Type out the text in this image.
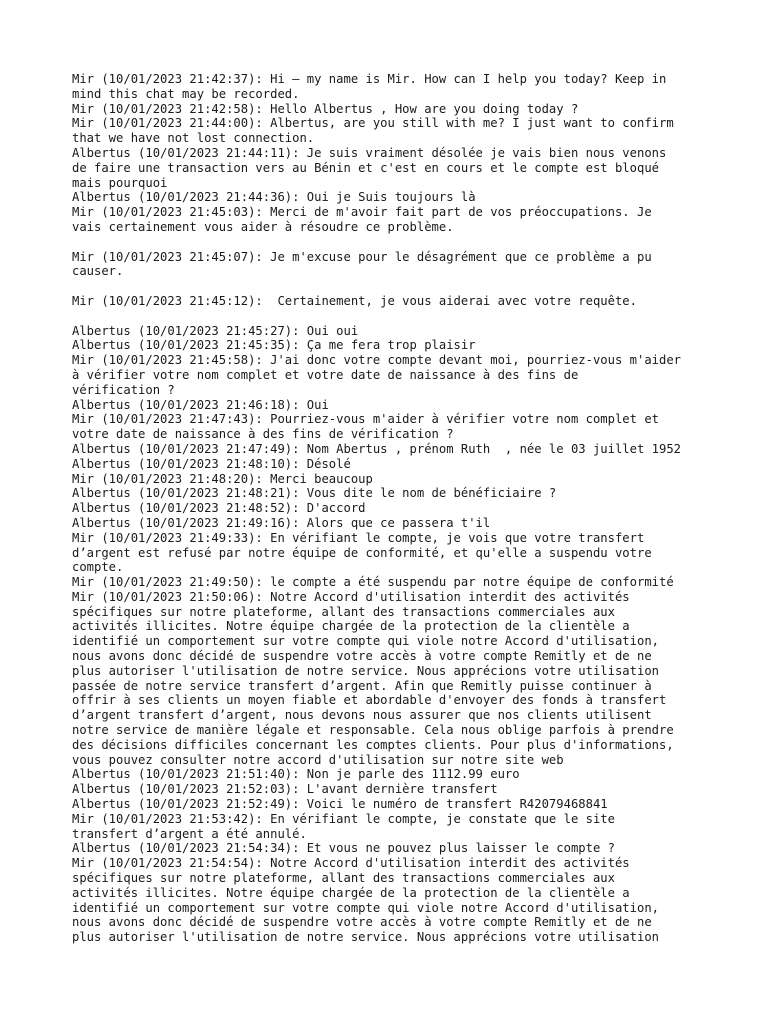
Mir (10/01/2023 21:42:37): Hi — my name is Mir. How can I help you today? Keep in
mind this chat may be recorded.

Mir (10/01/2023 21:42:58): Hello Albertus , How are you doing today ?

Mir (10/01/2023 21:44:00): Albertus, are you still with me? I just want to confirm
that we have not lost connection.

Albertus (10/01/2023 21:44:11): Je suis vraiment désolée je vais bien nous venons
de faire une transaction vers au Bénin et c'est en cours et le compte est bloqué
mais pourquoi

Albertus (10/01/2023 21:44:36): Oui je Suis toujours là

Mir (10/01/2023 21:45:03): Merci de m'avoir fait part de vos préoccupations. Je
vais certainement vous aider à résoudre ce problème.

Mir (10/01/2023 21:45:07): Je m'excuse pour le désagrément que ce problème a pu
causer.

Mir (10/01/2023 21:45:12):  Certainement, je vous aiderai avec votre requête.

Albertus (10/01/2023 21:45:27): Oui oui

Albertus (10/01/2023 21:45:35): Ça me fera trop plaisir

Mir (10/01/2023 21:45:58): J'ai donc votre compte devant moi, pourriez-vous m'aider
à vérifier votre nom complet et votre date de naissance à des fins de
vérification ?

Albertus (10/01/2023 21:46:18): Oui

Mir (10/01/2023 21:47:43): Pourriez-vous m'aider à vérifier votre nom complet et
votre date de naissance à des fins de vérification ?

Albertus (10/01/2023 21:47:49): Nom Abertus , prénom Ruth  , née le 03 juillet 1952

Albertus (10/01/2023 21:48:10): Désolé

Mir (10/01/2023 21:48:20): Merci beaucoup

Albertus (10/01/2023 21:48:21): Vous dite le nom de bénéficiaire ?

Albertus (10/01/2023 21:48:52): D'accord

Albertus (10/01/2023 21:49:16): Alors que ce passera t'il

Mir (10/01/2023 21:49:33): En vérifiant le compte, je vois que votre transfert
d’argent est refusé par notre équipe de conformité, et qu'elle a suspendu votre
compte.

Mir (10/01/2023 21:49:50): le compte a été suspendu par notre équipe de conformité

Mir (10/01/2023 21:50:06): Notre Accord d'utilisation interdit des activités
spécifiques sur notre plateforme, allant des transactions commerciales aux
activités illicites. Notre équipe chargée de la protection de la clientèle a
identifié un comportement sur votre compte qui viole notre Accord d'utilisation,
nous avons donc décidé de suspendre votre accès à votre compte Remitly et de ne
plus autoriser l'utilisation de notre service. Nous apprécions votre utilisation
passée de notre service transfert d’argent. Afin que Remitly puisse continuer à
offrir à ses clients un moyen fiable et abordable d'envoyer des fonds à transfert
d’argent transfert d’argent, nous devons nous assurer que nos clients utilisent
notre service de manière légale et responsable. Cela nous oblige parfois à prendre
des décisions difficiles concernant les comptes clients. Pour plus d'informations,
vous pouvez consulter notre accord d'utilisation sur notre site web

Albertus (10/01/2023 21:51:40): Non je parle des 1112.99 euro

Albertus (10/01/2023 21:52:03): L'avant dernière transfert

Albertus (10/01/2023 21:52:49): Voici le numéro de transfert R42079468841

Mir (10/01/2023 21:53:42): En vérifiant le compte, je constate que le site
transfert d’argent a été annulé.

Albertus (10/01/2023 21:54:34): Et vous ne pouvez plus laisser le compte ?

Mir (10/01/2023 21:54:54): Notre Accord d'utilisation interdit des activités
spécifiques sur notre plateforme, allant des transactions commerciales aux
activités illicites. Notre équipe chargée de la protection de la clientèle a
identifié un comportement sur votre compte qui viole notre Accord d'utilisation,
nous avons donc décidé de suspendre votre accès à votre compte Remitly et de ne
plus autoriser l'utilisation de notre service. Nous apprécions votre utilisation
